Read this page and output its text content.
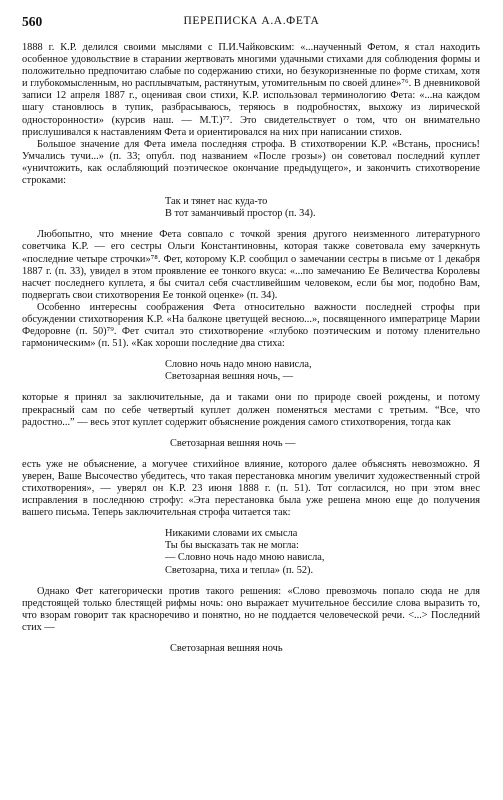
560	ПЕРЕПИСКА А.А.ФЕТА

1888 г. К.Р. делился своими мыслями с П.И.Чайковским: «...наученный Фетом, я стал находить особенное удовольствие в старании жертвовать многими удачными стихами для соблюдения формы и положительно предпочитаю слабые по содержанию стихи, но безукоризненные по форме стихам, хотя и глубокомысленным, но расплывчатым, растянутым, утомительным по своей длине»⁷⁶. В дневниковой записи 12 апреля 1887 г., оценивая свои стихи, К.Р. использовал терминологию Фета: «...на каждом шагу становлюсь в тупик, разбрасываюсь, теряюсь в подробностях, выхожу из лирической односторонности» (курсив наш. — М.Т.)⁷⁷. Это свидетельствует о том, что он внимательно прислушивался к наставлениям Фета и ориентировался на них при написании стихов.

Большое значение для Фета имела последняя строфа. В стихотворении К.Р. «Встань, проснись! Умчались тучи...» (п. 33; опубл. под названием «После грозы») он советовал последний куплет «уничтожить, как ослабляющий поэтическое окончание предыдущего», и закончить стихотворение строками:

Так и тянет нас куда-то
В тот заманчивый простор (п. 34).

Любопытно, что мнение Фета совпало с точкой зрения другого неизменного литературного советчика К.Р. — его сестры Ольги Константиновны, которая также советовала ему зачеркнуть «последние четыре строчки»⁷⁸. Фет, которому К.Р. сообщил о замечании сестры в письме от 1 декабря 1887 г. (п. 33), увидел в этом проявление ее тонкого вкуса: «...по замечанию Ее Величества Королевы насчет последнего куплета, я бы считал себя счастливейшим человеком, если бы мог, подобно Вам, подвергать свои стихотворения Ее тонкой оценке» (п. 34).

Особенно интересны соображения Фета относительно важности последней строфы при обсуждении стихотворения К.Р. «На балконе цветущей весною...», посвященного императрице Марии Федоровне (п. 50)⁷⁹. Фет считал это стихотворение «глубоко поэтическим и потому пленительно гармоническим» (п. 51). «Как хороши последние два стиха:

Словно ночь надо мною нависла,
Светозарная вешняя ночь, —

которые я принял за заключительные, да и таками они по природе своей рождены, и потому прекрасный сам по себе четвертый куплет должен поменяться местами с третьим. “Все, что радостно...” — весь этот куплет содержит объяснение рождения самого стихотворения, тогда как

Светозарная вешняя ночь —

есть уже не объяснение, а могучее стихийное влияние, которого далее объяснять невозможно. Я уверен, Ваше Высочество убедитесь, что такая перестановка многим увеличит художественный строй стихотворения», — уверял он К.Р. 23 июня 1888 г. (п. 51). Тот согласился, но при этом внес исправления в последнюю строфу: «Эта перестановка была уже решена мною еще до получения вашего письма. Теперь заключительная строфа читается так:

Никакими словами их смысла
Ты бы высказать так не могла:
— Словно ночь надо мною нависла,
Светозарна, тиха и тепла» (п. 52).

Однако Фет категорически против такого решения: «Слово превозмочь попало сюда не для предстоящей только блестящей рифмы ночь: оно выражает мучительное бессилие слова выразить то, что взорам говорит так красноречиво и понятно, но не поддается человеческой речи. <...> Последний стих —

Светозарная вешняя ночь
